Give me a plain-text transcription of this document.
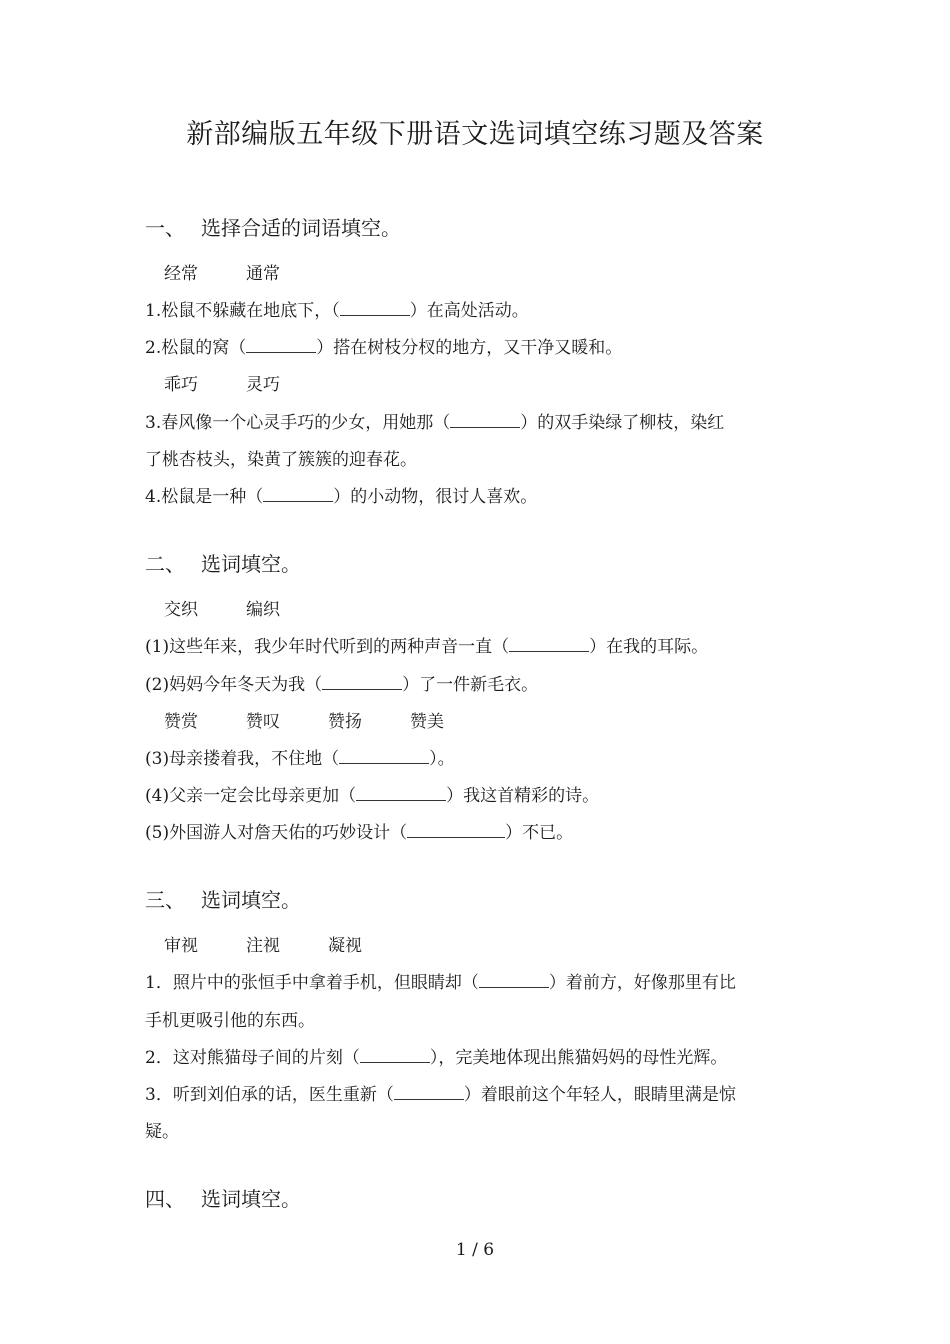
新部编版五年级下册语文选词填空练习题及答案
一、 选择合适的词语填空。
经常	通常
1.松鼠不躲藏在地底下，（	）在高处活动。
2.松鼠的窝（	）搭在树枝分杈的地方，又干净又暖和。
乖巧	灵巧
3.春风像一个心灵手巧的少女，用她那（	）的双手染绿了柳枝，染红
了桃杏枝头，染黄了簇簇的迎春花。
4.松鼠是一种（	）的小动物，很讨人喜欢。
二、 选词填空。
交织	编织
(1)这些年来，我少年时代听到的两种声音一直（	）在我的耳际。
(2)妈妈今年冬天为我（	）了一件新毛衣。
赞赏	赞叹	赞扬	赞美
(3)母亲搂着我，不住地（	）。
(4)父亲一定会比母亲更加（	）我这首精彩的诗。
(5)外国游人对詹天佑的巧妙设计（	）不已。
三、 选词填空。
审视	注视	凝视
1．照片中的张恒手中拿着手机，但眼睛却（	）着前方，好像那里有比
手机更吸引他的东西。
2．这对熊猫母子间的片刻（	），完美地体现出熊猫妈妈的母性光辉。
3．听到刘伯承的话，医生重新（	）着眼前这个年轻人，眼睛里满是惊
疑。
四、 选词填空。
1 / 6
